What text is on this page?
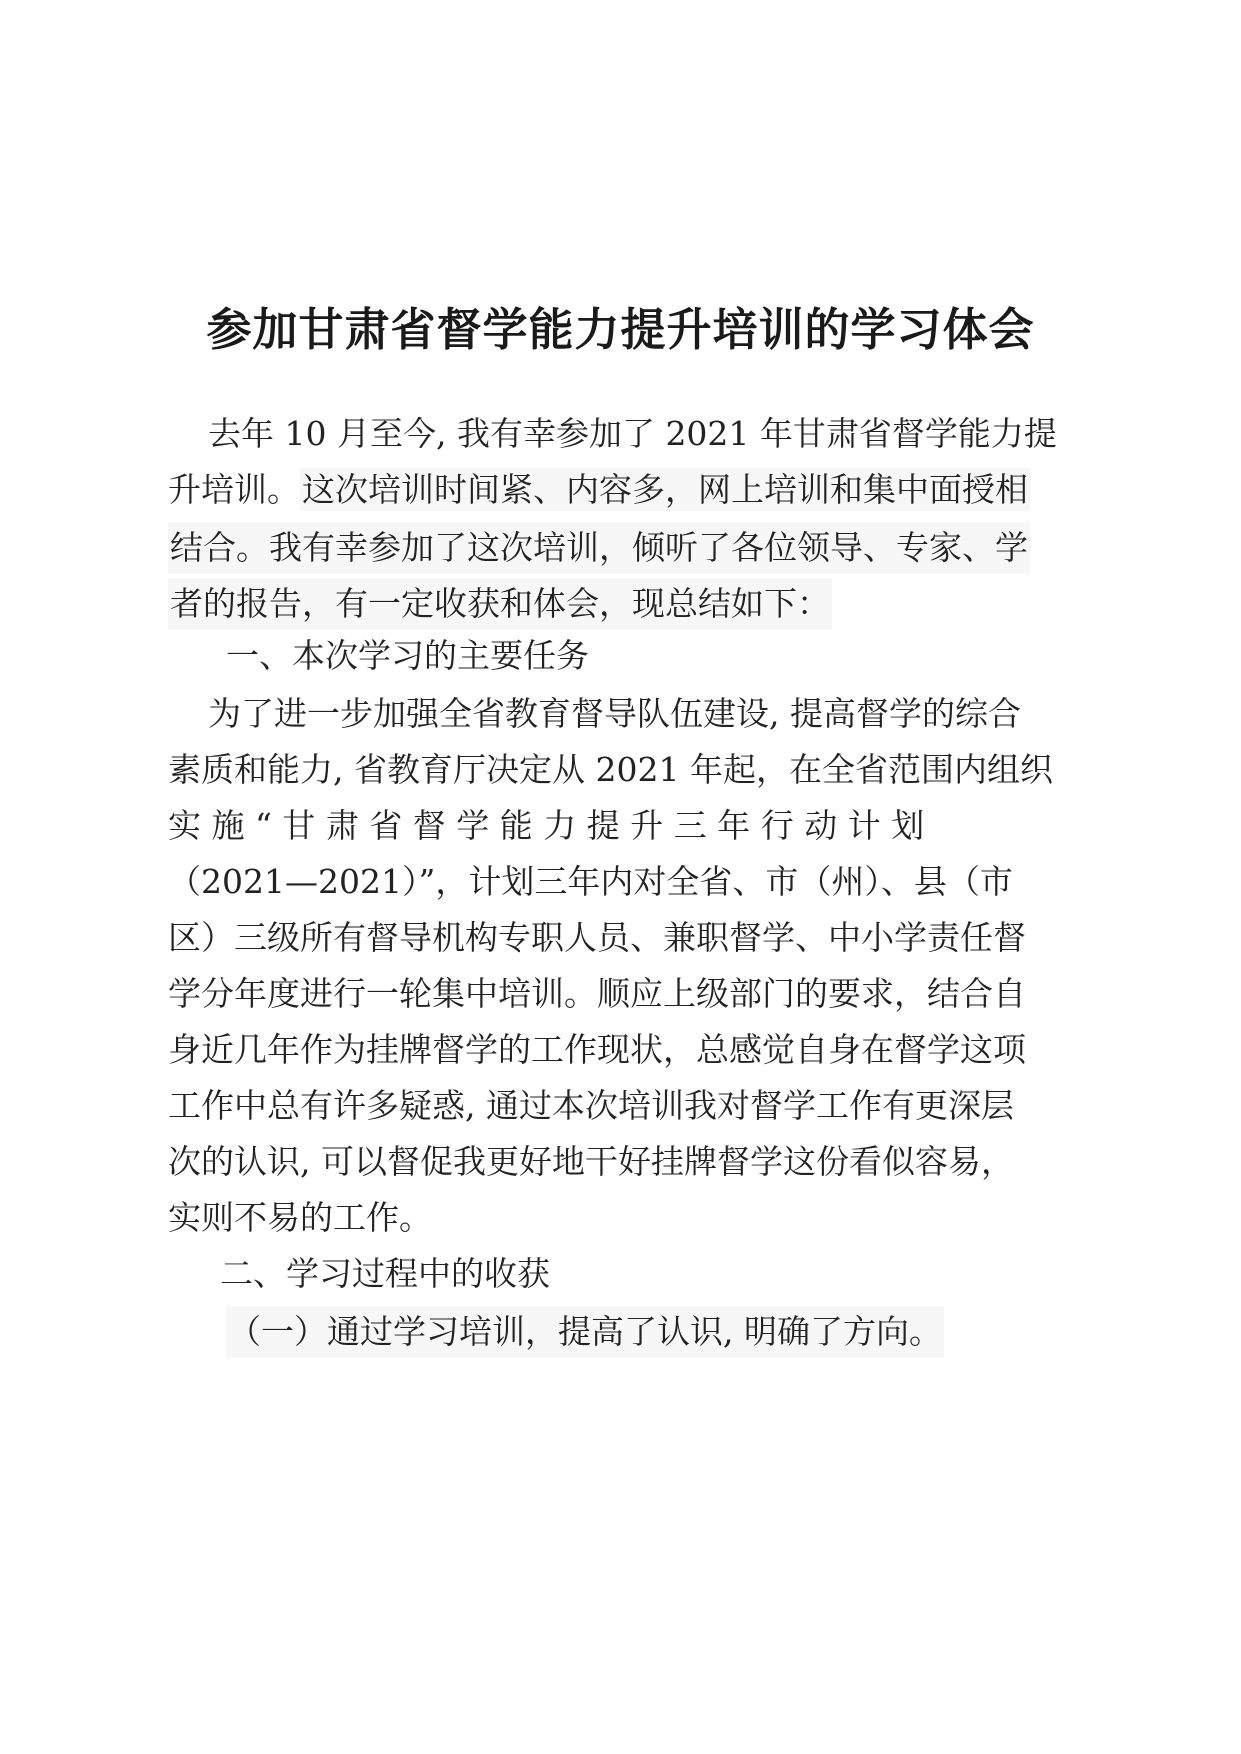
参加甘肃省督学能力提升培训的学习体会
去年 10 月至今, 我有幸参加了 2021 年甘肃省督学能力提
升培训。这次培训时间紧、内容多，网上培训和集中面授相
结合。我有幸参加了这次培训，倾听了各位领导、专家、学
者的报告，有一定收获和体会，现总结如下：
一、本次学习的主要任务
为了进一步加强全省教育督导队伍建设, 提高督学的综合
素质和能力, 省教育厅决定从 2021 年起，在全省范围内组织
实 施 “ 甘 肃 省 督 学 能 力 提 升 三 年 行 动 计 划
（2021—2021）”，计划三年内对全省、市（州）、县（市
区）三级所有督导机构专职人员、兼职督学、中小学责任督
学分年度进行一轮集中培训。顺应上级部门的要求，结合自
身近几年作为挂牌督学的工作现状，总感觉自身在督学这项
工作中总有许多疑惑, 通过本次培训我对督学工作有更深层
次的认识, 可以督促我更好地干好挂牌督学这份看似容易，
实则不易的工作。
二、学习过程中的收获
（一）通过学习培训，提高了认识, 明确了方向。
